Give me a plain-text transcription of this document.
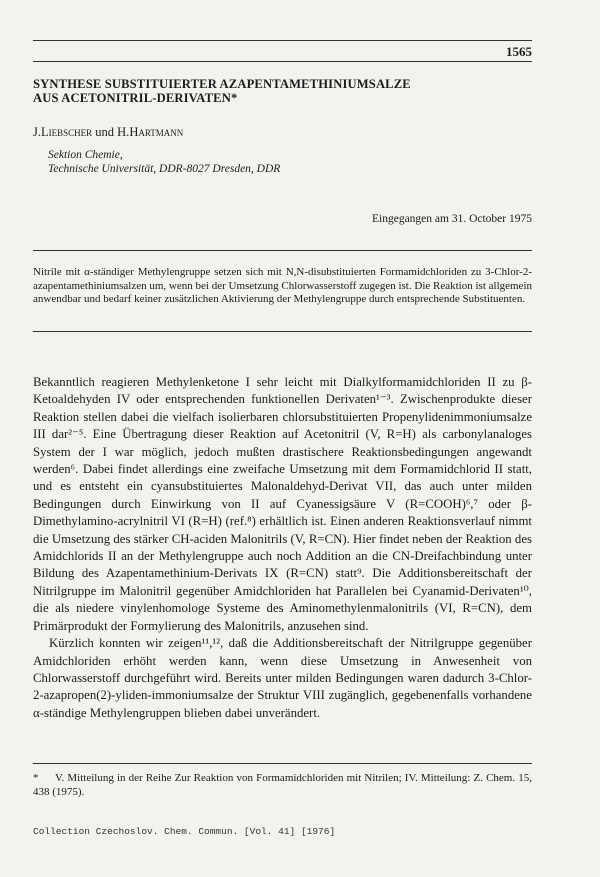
1565
SYNTHESE SUBSTITUIERTER AZAPENTAMETHINIUMSALZE
AUS ACETONITRIL-DERIVATEN*
J.Liebscher und H.Hartmann
Sektion Chemie,
Technische Universität, DDR-8027 Dresden, DDR
Eingegangen am 31. October 1975
Nitrile mit α-ständiger Methylengruppe setzen sich mit N,N-disubstituierten Formamidchloriden zu 3-Chlor-2-azapentamethiniumsalzen um, wenn bei der Umsetzung Chlorwasserstoff zugegen ist. Die Reaktion ist allgemein anwendbar und bedarf keiner zusätzlichen Aktivierung der Methylengruppe durch entsprechende Substituenten.

Bekanntlich reagieren Methylenketone I sehr leicht mit Dialkylformamidchloriden II zu β-Ketoaldehyden IV oder entsprechenden funktionellen Derivaten¹⁻³. Zwischenprodukte dieser Reaktion stellen dabei die vielfach isolierbaren chlorsubstituierten Propenylidenimmoniumsalze III dar²⁻⁵. Eine Übertragung dieser Reaktion auf Acetonitril (V, R=H) als carbonylanaloges System der I war möglich, jedoch mußten drastischere Reaktionsbedingungen angewandt werden⁶. Dabei findet allerdings eine zweifache Umsetzung mit dem Formamidchlorid II statt, und es entsteht ein cyansubstituiertes Malonaldehyd-Derivat VII, das auch unter milden Bedingungen durch Einwirkung von II auf Cyanessigsäure V (R=COOH)⁶,⁷ oder β-Dimethylamino-acrylnitril VI (R=H) (ref.⁸) erhältlich ist. Einen anderen Reaktionsverlauf nimmt die Umsetzung des stärker CH-aciden Malonitrils (V, R=CN). Hier findet neben der Reaktion des Amidchlorids II an der Methylengruppe auch noch Addition an die CN-Dreifachbindung unter Bildung des Azapentamethinium-Derivats IX (R=CN) statt⁹. Die Additionsbereitschaft der Nitrilgruppe im Malonitril gegenüber Amidchloriden hat Parallelen bei Cyanamid-Derivaten¹⁰, die als niedere vinylenhomologe Systeme des Aminomethylenmalonitrils (VI, R=CN), dem Primärprodukt der Formylierung des Malonitrils, anzusehen sind.

Kürzlich konnten wir zeigen¹¹,¹², daß die Additionsbereitschaft der Nitrilgruppe gegenüber Amidchloriden erhöht werden kann, wenn diese Umsetzung in Anwesenheit von Chlorwasserstoff durchgeführt wird. Bereits unter milden Bedingungen waren dadurch 3-Chlor-2-azapropen(2)-yliden-immoniumsalze der Struktur VIII zugänglich, gegebenenfalls vorhandene α-ständige Methylengruppen blieben dabei unverändert.

* V. Mitteilung in der Reihe Zur Reaktion von Formamidchloriden mit Nitrilen; IV. Mitteilung: Z. Chem. 15, 438 (1975).
Collection Czechoslov. Chem. Commun. [Vol. 41] [1976]
